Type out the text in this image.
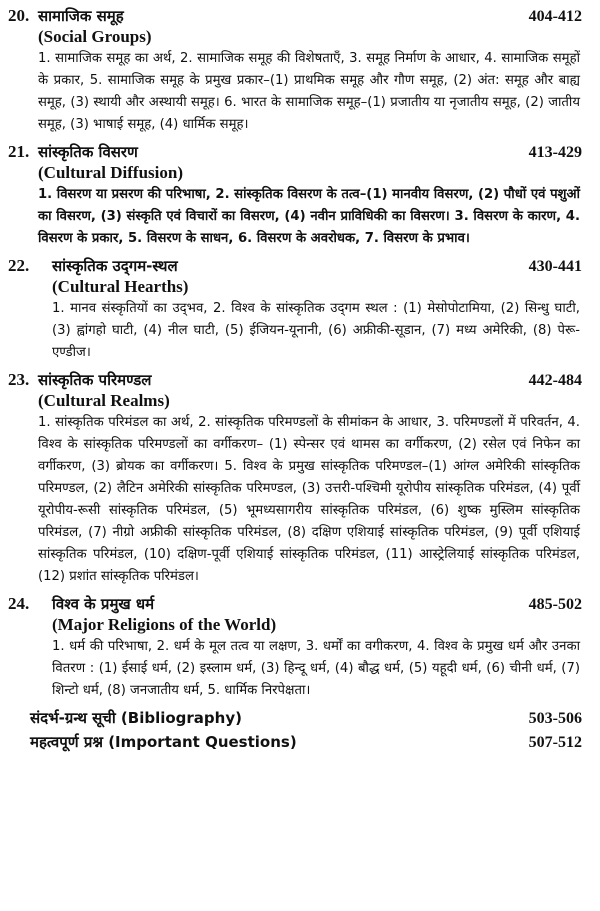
20. सामाजिक समूह	404-412
(Social Groups)
1. सामाजिक समूह का अर्थ, 2. सामाजिक समूह की विशेषताएँ, 3. समूह निर्माण के आधार, 4. सामाजिक समूहों के प्रकार, 5. सामाजिक समूह के प्रमुख प्रकार–(1) प्राथमिक समूह और गौण समूह, (2) अंत: समूह और बाह्य समूह, (3) स्थायी और अस्थायी समूह। 6. भारत के सामाजिक समूह–(1) प्रजातीय या नृजातीय समूह, (2) जातीय समूह, (3) भाषाई समूह, (4) धार्मिक समूह।
21. सांस्कृतिक विसरण	413-429
(Cultural Diffusion)
1. विसरण या प्रसरण की परिभाषा, 2. सांस्कृतिक विसरण के तत्व–(1) मानवीय विसरण, (2) पौधों एवं पशुओं का विसरण, (3) संस्कृति एवं विचारों का विसरण, (4) नवीन प्राविधिकी का विसरण। 3. विसरण के कारण, 4. विसरण के प्रकार, 5. विसरण के साधन, 6. विसरण के अवरोधक, 7. विसरण के प्रभाव।
22.	सांस्कृतिक उद्‌गम-स्थल	430-441
(Cultural Hearths)
1. मानव संस्कृतियों का उद्‌भव, 2. विश्व के सांस्कृतिक उद्‌गम स्थल : (1) मेसोपोटामिया, (2) सिन्धु घाटी, (3) ह्वांगहो घाटी, (4) नील घाटी, (5) ईजियन-यूनानी, (6) अफ्रीकी-सूडान, (7) मध्य अमेरिकी, (8) पेरू-एण्डीज।
23. सांस्कृतिक परिमण्डल	442-484
(Cultural Realms)
1. सांस्कृतिक परिमंडल का अर्थ, 2. सांस्कृतिक परिमण्डलों के सीमांकन के आधार, 3. परिमण्डलों में परिवर्तन, 4. विश्व के सांस्कृतिक परिमण्डलों का वर्गीकरण– (1) स्पेन्सर एवं थामस का वर्गीकरण, (2) रसेल एवं निफेन का वर्गीकरण, (3) ब्रोयक का वर्गीकरण। 5. विश्व के प्रमुख सांस्कृतिक परिमण्डल–(1) आंग्ल अमेरिकी सांस्कृतिक परिमण्डल, (2) लैटिन अमेरिकी सांस्कृतिक परिमण्डल, (3) उत्तरी-पश्चिमी यूरोपीय सांस्कृतिक परिमंडल, (4) पूर्वी यूरोपीय-रूसी सांस्कृतिक परिमंडल, (5) भूमध्यसागरीय सांस्कृतिक परिमंडल, (6) शुष्क मुस्लिम सांस्कृतिक परिमंडल, (7) नीग्रो अफ्रीकी सांस्कृतिक परिमंडल, (8) दक्षिण एशियाई सांस्कृतिक परिमंडल, (9) पूर्वी एशियाई सांस्कृतिक परिमंडल, (10) दक्षिण-पूर्वी एशियाई सांस्कृतिक परिमंडल, (11) आस्ट्रेलियाई सांस्कृतिक परिमंडल, (12) प्रशांत सांस्कृतिक परिमंडल।
24.	विश्व के प्रमुख धर्म	485-502
(Major Religions of the World)
1. धर्म की परिभाषा, 2. धर्म के मूल तत्व या लक्षण, 3. धर्मों का वगीकरण, 4. विश्व के प्रमुख धर्म और उनका वितरण : (1) ईसाई धर्म, (2) इस्लाम धर्म, (3) हिन्दू धर्म, (4) बौद्ध धर्म, (5) यहूदी धर्म, (6) चीनी धर्म, (7) शिन्टो धर्म, (8) जनजातीय धर्म, 5. धार्मिक निरपेक्षता।
संदर्भ-ग्रन्थ सूची (Bibliography)	503-506
महत्वपूर्ण प्रश्न (Important Questions)	507-512
